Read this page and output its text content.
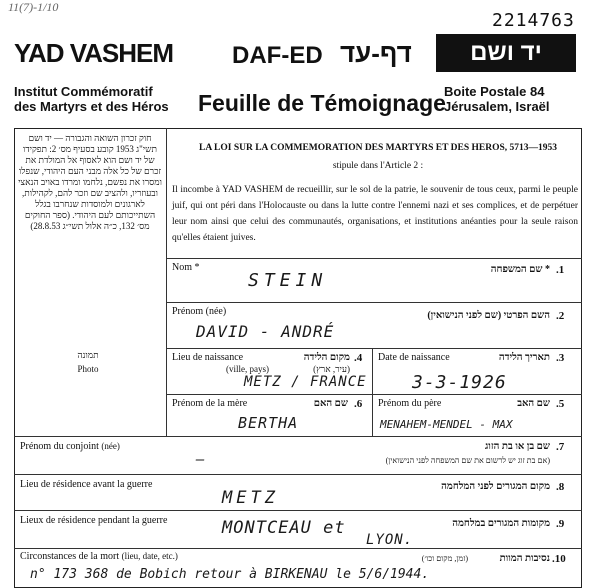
11(7)-1/10
2214763
YAD VASHEM DAF-ED דף-עד	יד ושם
Institut Commémoratif
des Martyrs et des Héros Feuille de Témoignage
Boite Postale 84
Jérusalem, Israël
חוק זכרון השואה והגבורה — יד ושם תשי"ג 1953 קובע בסעיף מס׳ 2: תפקידו של יד ושם הוא לאסוף אל המולדת את זכרם של כל אלה מבני העם היהודי, שנפלו ומסרו את נפשם, נלחמו ומרדו באויב הנאצי ובעוזריו, ולהציב שם וזכר להם, לקהילות, לארגונים ולמוסדות שנחרבו בגלל השתייכותם לעם היהודי. (ספר החוקים מס׳ 132, כ״ה אלול תשי״ג 28.8.53)
תמונה
Photo
LA LOI SUR LA COMMEMORATION DES MARTYRS ET DES HEROS, 5713—1953
stipule dans l'Article 2 :
Il incombe à YAD VASHEM de recueillir, sur le sol de la patrie, le souvenir de tous ceux, parmi le peuple juif, qui ont péri dans l'Holocauste ou dans la lutte contre l'ennemi nazi et ses complices, et de perpétuer leur nom ainsi que celui des communautés, organisations, et institutions anéanties pour la seule raison qu'elles étaient juives.
Nom *	* שם המשפחה .1
STEIN
Prénom (née)	השם הפרטי (שם לפני הנישואין) .2
DAVID - ANDRÉ
Lieu de naissance
(ville, pays)
מקום הלידה
(עיר, ארץ)
.4
METZ / FRANCE
Date de naissance	תאריך הלידה .3
3-3-1926
Prénom de la mère	שם האם .6
BERTHA
Prénom du père	שם האב .5
MENAHEM-MENDEL - MAX
Prénom du conjoint (née)	שם בן או בת הזוג
(אם בת זוג יש לרשום את שם המשפחה לפני הנישואין)
.7
—
Lieu de résidence avant la guerre	מקום המגורים לפני המלחמה .8
METZ
Lieux de résidence pendant la guerre	מקומות המגורים במלחמה .9
MONTCEAU et
LYON.
Circonstances de la mort (lieu, date, etc.)	נסיבות המוות
(זמן, מקום וכו׳)	.10
n° 173 368 de Bobich retour à BIRKENAU le 5/6/1944.
